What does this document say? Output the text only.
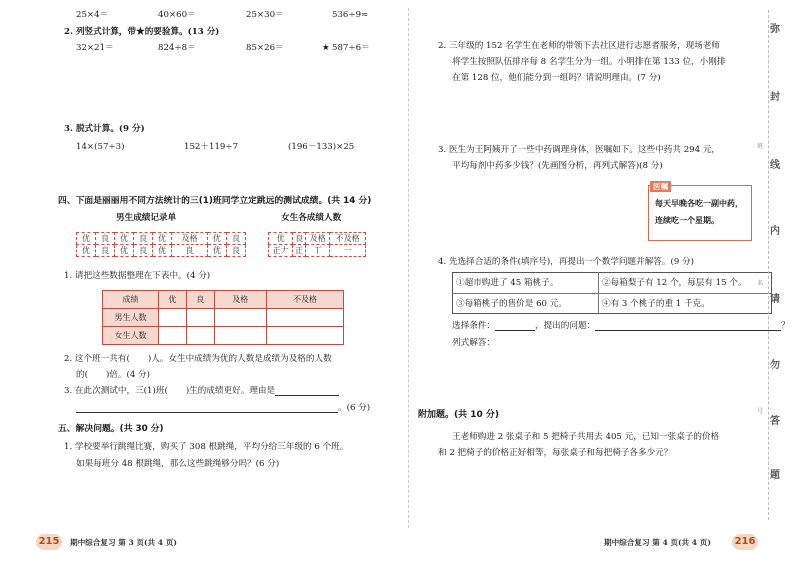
25×4＝	40×60＝	25×30＝	536÷9≈
2. 列竖式计算，带★的要验算。(13 分)
32×21＝	824÷8＝	85×26＝	★ 587÷6＝
3. 脱式计算。(9 分)
14×(57÷3)	152＋119÷7	(196－133)×25
四、下面是丽丽用不同方法统计的三(1)班同学立定跳远的测试成绩。(共 14 分)
男生成绩记录单	女生各成绩人数
优	良	优	良	优	及格	优	良
优	良	优	良	优	良	优	良
优	良	及格	不及格
正𠂇	正	丅	一
1. 请把这些数据整理在下表中。(4 分)
成绩	优	良	及格	不及格
男生人数				
女生人数				
2. 这个班一共有( )人。女生中成绩为优的人数是成绩为及格的人数
的( )倍。(4 分)
3. 在此次测试中，三(1)班( )生的成绩更好。理由是
。(6 分)
五、解决问题。(共 30 分)
1. 学校要举行跳绳比赛，购买了 308 根跳绳，平均分给三年级的 6 个班。
如果每班分 48 根跳绳，那么这些跳绳够分吗？(6 分)
215	期中综合复习 第 3 页(共 4 页)
2. 三年级的 152 名学生在老师的带领下去社区进行志愿者服务，现场老师
将学生按照队伍排序每 8 名学生分为一组。小明排在第 133 位，小刚排
在第 128 位，他们能分到一组吗？请说明理由。(7 分)
3. 医生为王阿姨开了一些中药调理身体，医嘱如下。这些中药共 294 元，
平均每剂中药多少钱？(先画图分析，再列式解答)(8 分)
医嘱
每天早晚各吃一副中药，
连续吃一个星期。
4. 先选择合适的条件(填序号)，再提出一个数学问题并解答。(9 分)
①超市购进了 45 箱桃子。	②每箱梨子有 12 个，每层有 15 个。
③每箱桃子的售价是 60 元。	④有 3 个桃子的重 1 千克。
选择条件：	，提出的问题：	？
列式解答：
附加题。(共 10 分)
王老师购进 2 张桌子和 5 把椅子共用去 405 元，已知一张桌子的价格
和 2 把椅子的价格正好相等，每张桌子和每把椅子各多少元？
期中综合复习 第 4 页(共 4 页) 216
弥
封
线
内
请
勿
答
题
班
名
号
